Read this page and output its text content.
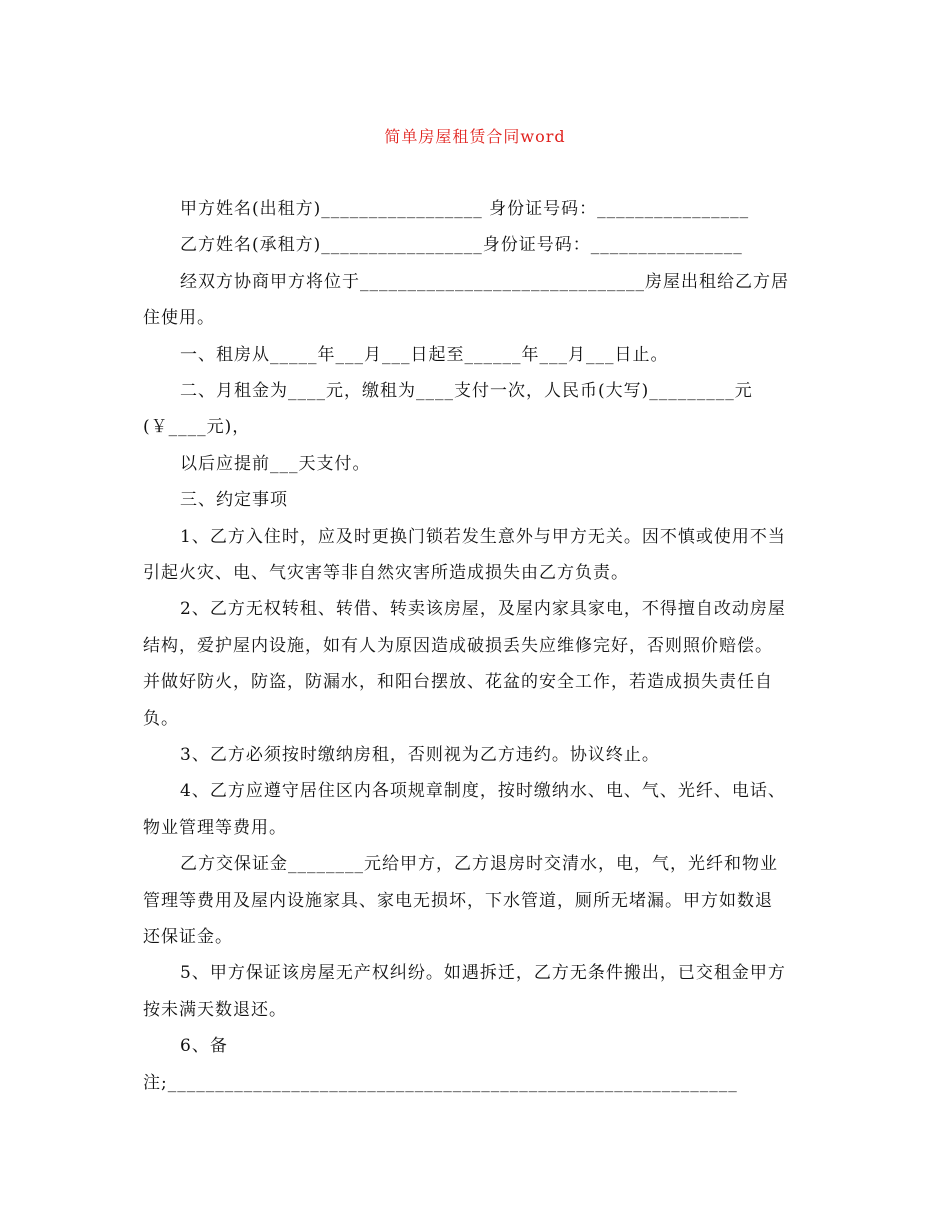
简单房屋租赁合同word
甲方姓名(出租方)_________________ 身份证号码：________________
乙方姓名(承租方)_________________身份证号码：________________
经双方协商甲方将位于______________________________房屋出租给乙方居
住使用。
一、租房从_____年___月___日起至______年___月___日止。
二、月租金为____元，缴租为____支付一次，人民币(大写)_________元
(￥____元)，
以后应提前___天支付。
三、约定事项
1、乙方入住时，应及时更换门锁若发生意外与甲方无关。因不慎或使用不当
引起火灾、电、气灾害等非自然灾害所造成损失由乙方负责。
2、乙方无权转租、转借、转卖该房屋，及屋内家具家电，不得擅自改动房屋
结构，爱护屋内设施，如有人为原因造成破损丢失应维修完好，否则照价赔偿。
并做好防火，防盗，防漏水，和阳台摆放、花盆的安全工作，若造成损失责任自
负。
3、乙方必须按时缴纳房租，否则视为乙方违约。协议终止。
4、乙方应遵守居住区内各项规章制度，按时缴纳水、电、气、光纤、电话、
物业管理等费用。
乙方交保证金________元给甲方，乙方退房时交清水，电，气，光纤和物业
管理等费用及屋内设施家具、家电无损坏，下水管道，厕所无堵漏。甲方如数退
还保证金。
5、甲方保证该房屋无产权纠纷。如遇拆迁，乙方无条件搬出，已交租金甲方
按未满天数退还。
6、备
注;____________________________________________________________
